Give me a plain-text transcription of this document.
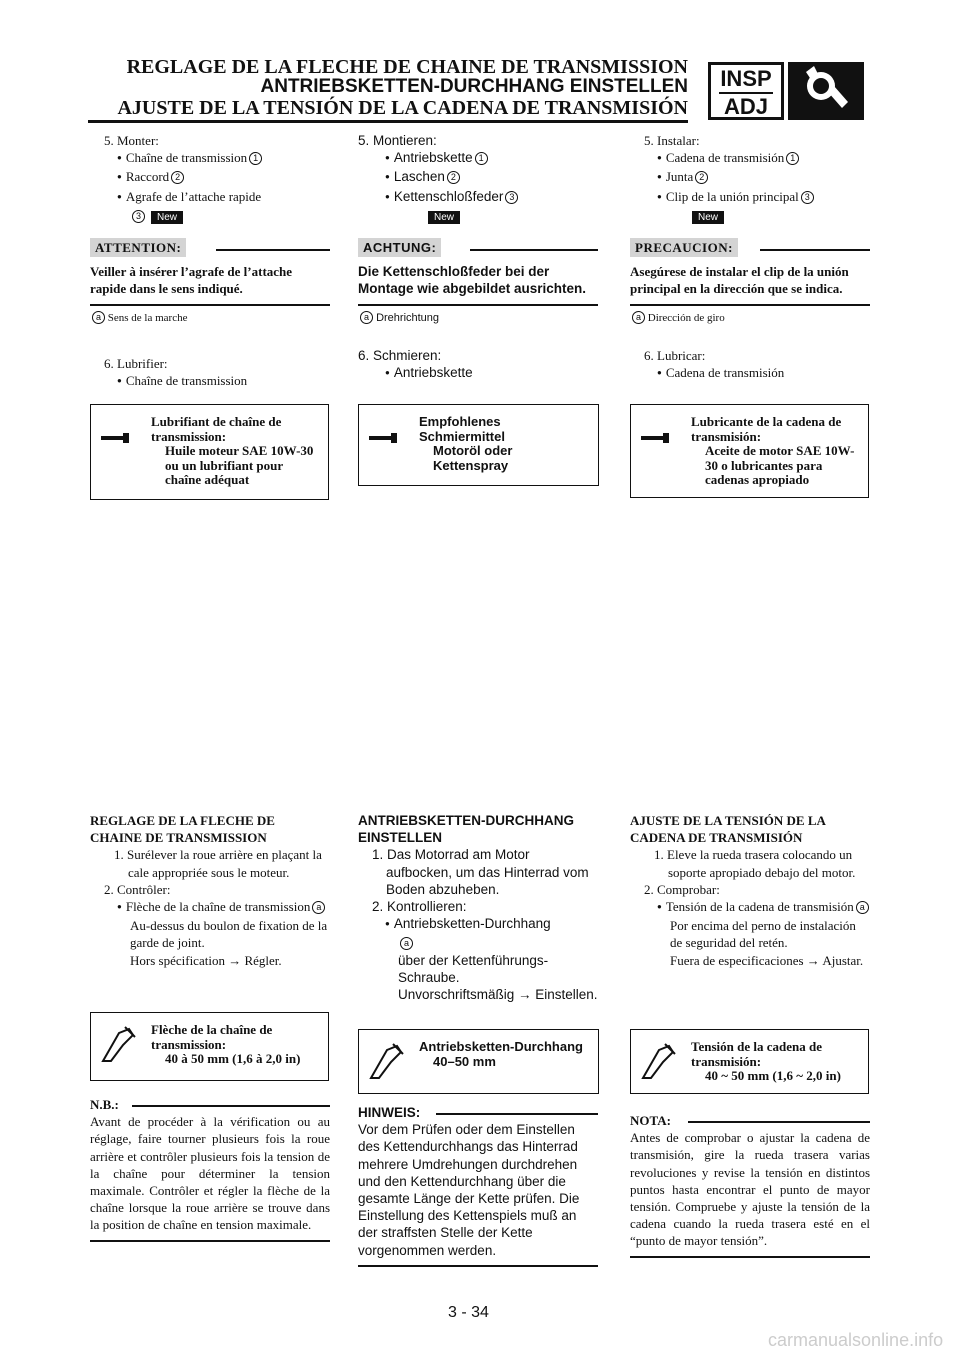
REGLAGE DE LA FLECHE DE CHAINE DE TRANSMISSION
ANTRIEBSKETTEN-DURCHHANG EINSTELLEN
AJUSTE DE LA TENSIÓN DE LA CADENA DE TRANSMISIÓN
INSP
ADJ

5. Monter:

● Chaîne de transmission 1

● Raccord 2

● Agrafe de l’attache rapide

3 New

ATTENTION:
Veiller à insérer l’agrafe de l’attache rapide dans le sens indiqué.

a Sens de la marche

6. Lubrifier:

● Chaîne de transmission

Lubrifiant de chaîne de transmission:
Huile moteur SAE 10W-30 ou un lubrifiant pour chaîne adéquat

5. Montieren:

● Antriebskette 1

● Laschen 2

● Kettenschloßfeder 3

New

ACHTUNG:
Die Kettenschloßfeder bei der Montage wie abgebildet ausrichten.

a Drehrichtung

6. Schmieren:

● Antriebskette

Empfohlenes Schmiermittel
Motoröl oder Kettenspray

5. Instalar:

● Cadena de transmisión 1

● Junta 2

● Clip de la unión principal 3

New

PRECAUCION:
Asegúrese de instalar el clip de la unión principal en la dirección que se indica.

a Dirección de giro

6. Lubricar:

● Cadena de transmisión

Lubricante de la cadena de transmisión:
Aceite de motor SAE 10W-30 o lubricantes para cadenas apropiado

REGLAGE DE LA FLECHE DE CHAINE DE TRANSMISSION

1. Surélever la roue arrière en plaçant la cale appropriée sous le moteur.

2. Contrôler:

● Flèche de la chaîne de transmission a

Au-dessus du boulon de fixation de la garde de joint.

Hors spécification → Régler.

Flèche de la chaîne de transmission:
40 à 50 mm (1,6 à 2,0 in)
N.B.:

Avant de procéder à la vérification ou au réglage, faire tourner plusieurs fois la roue arrière et contrôler plusieurs fois la tension de la chaîne pour déterminer la tension maximale. Contrôler et régler la flèche de la chaîne lorsque la roue arrière se trouve dans la position de chaîne en tension maximale.

ANTRIEBSKETTEN-DURCHHANG EINSTELLEN

1. Das Motorrad am Motor aufbocken, um das Hinterrad vom Boden abzuheben.

2. Kontrollieren:

● Antriebsketten-Durchhang

a

über der Kettenführungs-Schraube.

Unvorschriftsmäßig → Einstellen.

Antriebsketten-Durchhang
40–50 mm
HINWEIS:

Vor dem Prüfen oder dem Einstellen des Kettendurchhangs das Hinterrad mehrere Umdrehungen durchdrehen und den Kettendurchhang über die gesamte Länge der Kette prüfen. Die Einstellung des Kettenspiels muß an der straffsten Stelle der Kette vorgenommen werden.

AJUSTE DE LA TENSIÓN DE LA CADENA DE TRANSMISIÓN

1. Eleve la rueda trasera colocando un soporte apropiado debajo del motor.

2. Comprobar:

● Tensión de la cadena de transmisión a

Por encima del perno de instalación de seguridad del retén.

Fuera de especificaciones → Ajustar.

Tensión de la cadena de transmisión:
40 ~ 50 mm (1,6 ~ 2,0 in)
NOTA:

Antes de comprobar o ajustar la cadena de transmisión, gire la rueda trasera varias revoluciones y revise la tensión en distintos puntos hasta encontrar el punto de mayor tensión. Compruebe y ajuste la tensión de la cadena cuando la rueda trasera esté en el “punto de mayor tensión”.

3 - 34
carmanualsonline.info
